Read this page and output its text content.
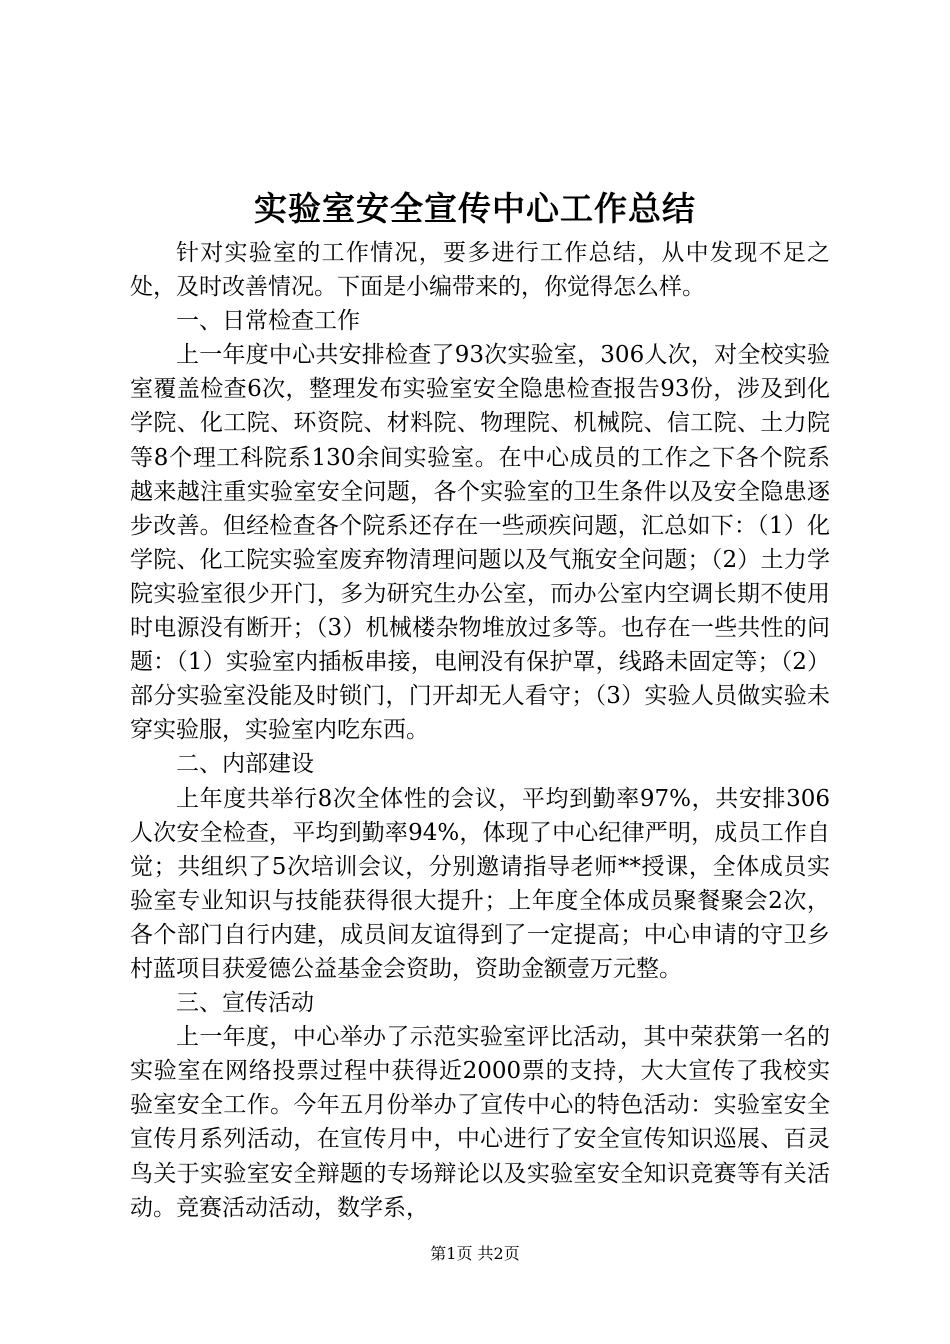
实验室安全宣传中心工作总结

针对实验室的工作情况，要多进行工作总结，从中发现不足之处，及时改善情况。下面是小编带来的，你觉得怎么样。

一、日常检查工作

上一年度中心共安排检查了93次实验室，306人次，对全校实验室覆盖检查6次，整理发布实验室安全隐患检查报告93份，涉及到化学院、化工院、环资院、材料院、物理院、机械院、信工院、土力院等8个理工科院系130余间实验室。在中心成员的工作之下各个院系越来越注重实验室安全问题，各个实验室的卫生条件以及安全隐患逐步改善。但经检查各个院系还存在一些顽疾问题，汇总如下：（1）化学院、化工院实验室废弃物清理问题以及气瓶安全问题；（2）土力学院实验室很少开门，多为研究生办公室，而办公室内空调长期不使用时电源没有断开；（3）机械楼杂物堆放过多等。也存在一些共性的问题：（1）实验室内插板串接，电闸没有保护罩，线路未固定等；（2）部分实验室没能及时锁门，门开却无人看守；（3）实验人员做实验未穿实验服，实验室内吃东西。

二、内部建设

上年度共举行8次全体性的会议，平均到勤率97%，共安排306人次安全检查，平均到勤率94%，体现了中心纪律严明，成员工作自觉；共组织了5次培训会议，分别邀请指导老师**授课，全体成员实验室专业知识与技能获得很大提升；上年度全体成员聚餐聚会2次，各个部门自行内建，成员间友谊得到了一定提高；中心申请的守卫乡村蓝项目获爱德公益基金会资助，资助金额壹万元整。

三、宣传活动

上一年度，中心举办了示范实验室评比活动，其中荣获第一名的实验室在网络投票过程中获得近2000票的支持，大大宣传了我校实验室安全工作。今年五月份举办了宣传中心的特色活动：实验室安全宣传月系列活动，在宣传月中，中心进行了安全宣传知识巡展、百灵鸟关于实验室安全辩题的专场辩论以及实验室安全知识竞赛等有关活动。竞赛活动活动，数学系，

第1页 共2页
